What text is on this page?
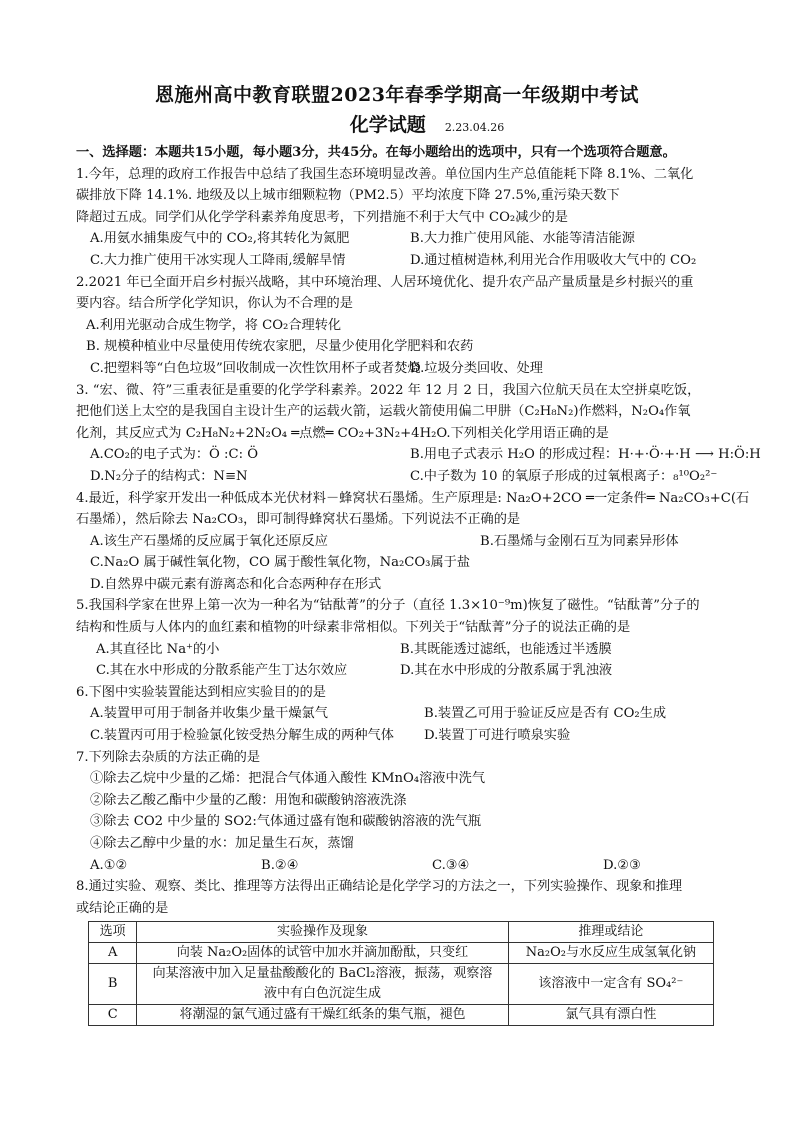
恩施州高中教育联盟2023年春季学期高一年级期中考试
化学试题 2.23.04.26
一、选择题：本题共15小题，每小题3分，共45分。在每小题给出的选项中，只有一个选项符合题意。
1.今年，总理的政府工作报告中总结了我国生态环境明显改善。单位国内生产总值能耗下降 8.1%、二氧化
碳排放下降 14.1%. 地级及以上城市细颗粒物（PM2.5）平均浓度下降 27.5%,重污染天数下
降超过五成。同学们从化学学科素养角度思考，下列措施不利于大气中 CO₂减少的是
A.用氨水捕集废气中的 CO₂,将其转化为氮肥	B.大力推广使用风能、水能等清洁能源
C.大力推广使用干冰实现人工降雨,缓解旱情	D.通过植树造林,利用光合作用吸收大气中的 CO₂
2.2021 年已全面开启乡村振兴战略，其中环境治理、人居环境优化、提升农产品产量质量是乡村振兴的重
要内容。结合所学化学知识，你认为不合理的是
A.利用光驱动合成生物学，将 CO₂合理转化
B. 规模种植业中尽量使用传统农家肥，尽量少使用化学肥料和农药
C.把塑料等“白色垃圾”回收制成一次性饮用杯子或者焚烧
D.垃圾分类回收、处理
3. “宏、微、符”三重表征是重要的化学学科素养。2022 年 12 月 2 日，我国六位航天员在太空拼桌吃饭，
把他们送上太空的是我国自主设计生产的运载火箭，运载火箭使用偏二甲肼（C₂H₈N₂)作燃料，N₂O₄作氧
化剂，其反应式为 C₂H₈N₂+2N₂O₄ ═点燃═ CO₂+3N₂+4H₂O.下列相关化学用语正确的是
A.CO₂的电子式为：Ö :C: Ö	B.用电子式表示 H₂O 的形成过程：H·+·Ö·+·H ⟶ H:Ö:H
D.N₂分子的结构式：N≡N	C.中子数为 10 的氧原子形成的过氧根离子：₈¹⁰O₂²⁻
4.最近，科学家开发出一种低成本光伏材料－蜂窝状石墨烯。生产原理是: Na₂O+2CO ═一定条件═ Na₂CO₃+C(石
石墨烯），然后除去 Na₂CO₃，即可制得蜂窝状石墨烯。下列说法不正确的是
A.该生产石墨烯的反应属于氧化还原反应	B.石墨烯与金刚石互为同素异形体
C.Na₂O 属于碱性氧化物，CO 属于酸性氧化物，Na₂CO₃属于盐
D.自然界中碳元素有游离态和化合态两种存在形式
5.我国科学家在世界上第一次为一种名为“钴酞菁”的分子（直径 1.3×10⁻⁹m)恢复了磁性。“钴酞菁”分子的
结构和性质与人体内的血红素和植物的叶绿素非常相似。下列关于“钴酞菁”分子的说法正确的是
A.其直径比 Na⁺的小	B.其既能透过滤纸，也能透过半透膜
C.其在水中形成的分散系能产生丁达尔效应	D.其在水中形成的分散系属于乳浊液
6.下图中实验装置能达到相应实验目的的是
A.装置甲可用于制备并收集少量干燥氯气	B.装置乙可用于验证反应是否有 CO₂生成
C.装置丙可用于检验氯化铵受热分解生成的两种气体	D.装置丁可进行喷泉实验
7.下列除去杂质的方法正确的是
①除去乙烷中少量的乙烯：把混合气体通入酸性 KMnO₄溶液中洗气
②除去乙酸乙酯中少量的乙酸：用饱和碳酸钠溶液洗涤
③除去 CO2 中少量的 SO2:气体通过盛有饱和碳酸钠溶液的洗气瓶
④除去乙醇中少量的水：加足量生石灰，蒸馏
A.①②	B.②④	C.③④	D.②③
8.通过实验、观察、类比、推理等方法得出正确结论是化学学习的方法之一，下列实验操作、现象和推理
或结论正确的是
选项	实验操作及现象	推理或结论
A	向装 Na₂O₂固体的试管中加水并滴加酚酞，只变红	Na₂O₂与水反应生成氢氧化钠
B	向某溶液中加入足量盐酸酸化的 BaCl₂溶液，振荡，观察溶
液中有白色沉淀生成	该溶液中一定含有 SO₄²⁻
C	将潮湿的氯气通过盛有干燥红纸条的集气瓶，褪色	氯气具有漂白性
